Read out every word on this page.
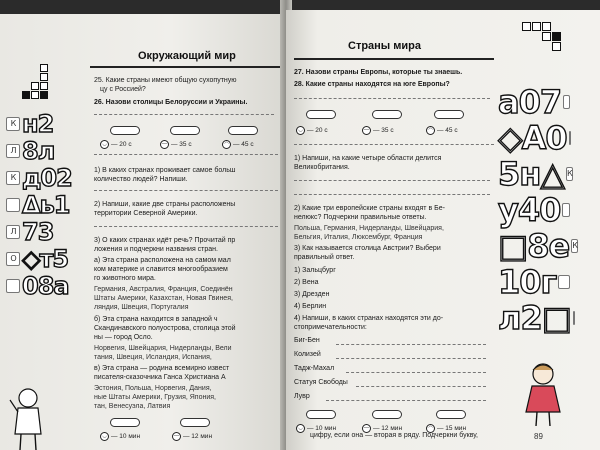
Окружающий мир
25. Какие страны имеют общую сухопутную
цу с Россией?
26. Назови столицы Белоруссии и Украины.
◡ — 20 с	— — 35 с	◠ — 45 с
1) В каких странах проживает самое больш
количество людей? Напиши.
2) Напиши, какие две страны расположены
территории Северной Америки.
3) О каких странах идёт речь? Прочитай пр
ложения и подчеркни названия стран.
а) Эта страна расположена на самом мал
ком материке и славится многообразием
го животного мира.
Германия, Австралия, Франция, Соединён
Штаты Америки, Казахстан, Новая Гвинея,
ляндия, Швеция, Португалия
б) Эта страна находится в западной ч
Скандинавского полуострова, столица этой
ны — город Осло.
Норвегия, Швейцария, Нидерланды, Вели
тания, Швеция, Исландия, Испания,
в) Эта страна — родина всемирно извест
писателя-сказочника Ганса Христиана А
Эстония, Польша, Норвегия, Дания,
ные Штаты Америки, Грузия, Япония,
тан, Венесуэла, Латвия
◡ — 10 мин	— — 12 мин
К н2
Л 8л
К д02
Δь1
Л 73
О ◇т5
08а
Страны мира
27. Назови страны Европы, которые ты знаешь.
28. Какие страны находятся на юге Европы?
◡ — 20 с	— — 35 с	◠ — 45 с
1) Напиши, на какие четыре области делится
Великобритания.
2) Какие три европейские страны входят в Бе-
нелюкс? Подчеркни правильные ответы.
Польша, Германия, Нидерланды, Швейцария,
Бельгия, Италия, Люксембург, Франция
3) Как называется столица Австрии? Выбери
правильный ответ.
1) Зальцбург
2) Вена
3) Дрезден
4) Берлин
4) Напиши, в каких странах находятся эти до-
стопримечательности:
Биг-Бен
Колизей
Тадж-Махал
Статуя Свободы
Лувр
◡ — 10 мин	— — 12 мин	◠ — 15 мин
а07
◇А0
5н△ К
у40
□8е К
10г
л2□
цифру, если она — вторая в ряду. Подчеркни букву,	89
